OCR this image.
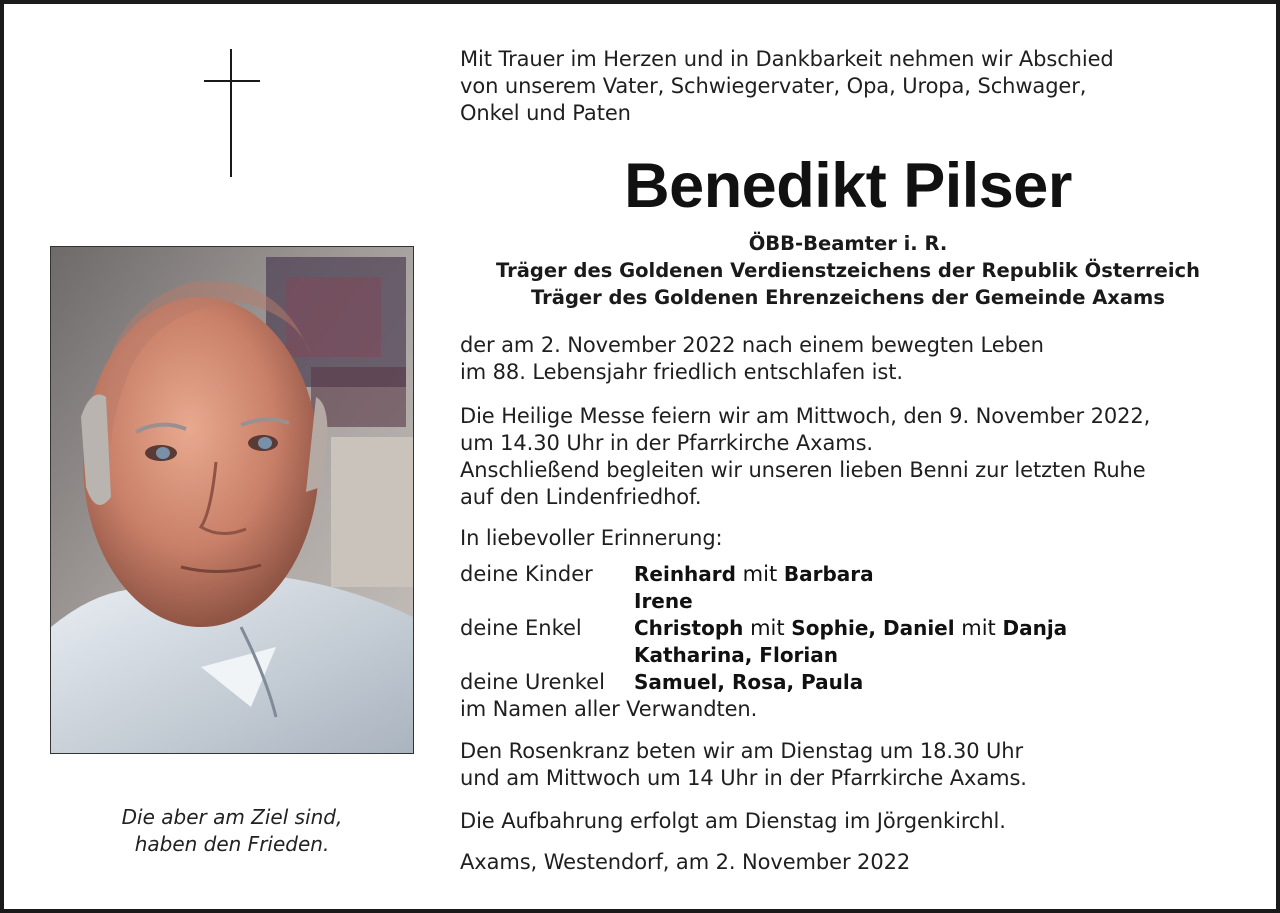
Die aber am Ziel sind,
haben den Frieden.
Mit Trauer im Herzen und in Dankbarkeit nehmen wir Abschied
von unserem Vater, Schwiegervater, Opa, Uropa, Schwager,
Onkel und Paten
Benedikt Pilser
ÖBB-Beamter i. R.
Träger des Goldenen Verdienstzeichens der Republik Österreich
Träger des Goldenen Ehrenzeichens der Gemeinde Axams
der am 2. November 2022 nach einem bewegten Leben
im 88. Lebensjahr friedlich entschlafen ist.
Die Heilige Messe feiern wir am Mittwoch, den 9. November 2022,
um 14.30 Uhr in der Pfarrkirche Axams.
Anschließend begleiten wir unseren lieben Benni zur letzten Ruhe
auf den Lindenfriedhof.
In liebevoller Erinnerung:
deine Kinder	Reinhard mit Barbara
Irene
deine Enkel	Christoph mit Sophie, Daniel mit Danja
Katharina, Florian
deine Urenkel	Samuel, Rosa, Paula
im Namen aller Verwandten.
Den Rosenkranz beten wir am Dienstag um 18.30 Uhr
und am Mittwoch um 14 Uhr in der Pfarrkirche Axams.
Die Aufbahrung erfolgt am Dienstag im Jörgenkirchl.
Axams, Westendorf, am 2. November 2022
